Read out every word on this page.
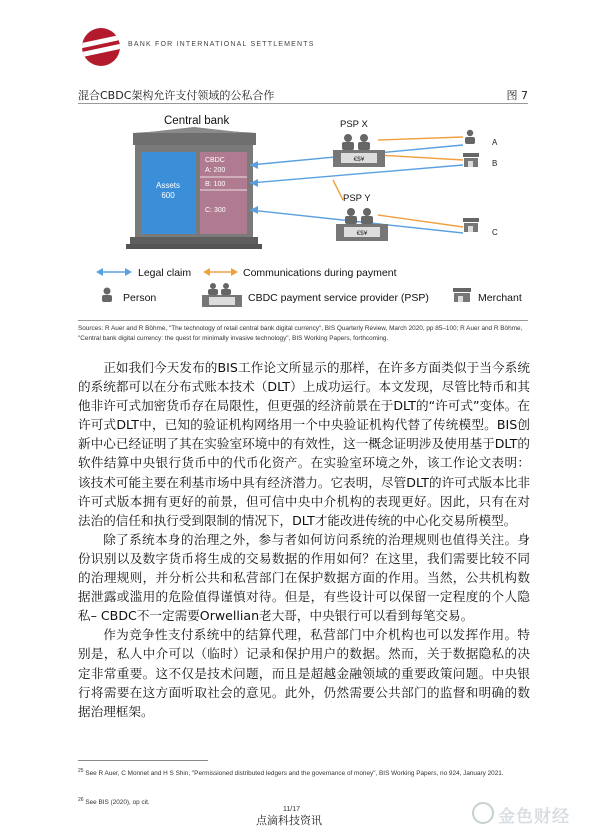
BANK FOR INTERNATIONAL SETTLEMENTS
混合CBDC架构允许支付领域的公私合作	图 7
Central bank
Assets
600
CBDC
A: 200
B: 100
C: 300
PSP X
€$¥
PSP Y
€$¥
A
B
C
Legal claim	Communications during payment
Person	CBDC payment service provider (PSP)	Merchant
Sources: R Auer and R Böhme, "The technology of retail central bank digital currency", BIS Quarterly Review, March 2020, pp 85–100; R Auer and R Böhme, "Central bank digital currency: the quest for minimally invasive technology", BIS Working Papers, forthcoming.

正如我们今天发布的BIS工作论文所显示的那样，在许多方面类似于当今系统的系统都可以在分布式账本技术（DLT）上成功运行。本文发现，尽管比特币和其他非许可式加密货币存在局限性，但更强的经济前景在于DLT的“许可式”变体。在许可式DLT中，已知的验证机构网络用一个中央验证机构代替了传统模型。BIS创新中心已经证明了其在实验室环境中的有效性，这一概念证明涉及使用基于DLT的软件结算中央银行货币中的代币化资产。在实验室环境之外，该工作论文表明：该技术可能主要在利基市场中具有经济潜力。它表明，尽管DLT的许可式版本比非许可式版本拥有更好的前景，但可信中央中介机构的表现更好。因此，只有在对法治的信任和执行受到限制的情况下，DLT才能改进传统的中心化交易所模型。

除了系统本身的治理之外，参与者如何访问系统的治理规则也值得关注。身份识别以及数字货币将生成的交易数据的作用如何？在这里，我们需要比较不同的治理规则，并分析公共和私营部门在保护数据方面的作用。当然，公共机构数据泄露或滥用的危险值得谨慎对待。但是，有些设计可以保留一定程度的个人隐私– CBDC不一定需要Orwellian老大哥，中央银行可以看到每笔交易。

作为竞争性支付系统中的结算代理，私营部门中介机构也可以发挥作用。特别是，私人中介可以（临时）记录和保护用户的数据。然而，关于数据隐私的决定非常重要。这不仅是技术问题，而且是超越金融领域的重要政策问题。中央银行将需要在这方面听取社会的意见。此外，仍然需要公共部门的监督和明确的数据治理框架。

$^{25}$ See R Auer, C Monnet and H S Shin, "Permissioned distributed ledgers and the governance of money", BIS Working Papers, no 924, January 2021.
$^{26}$ See BIS (2020), op cit.
11/17
点滴科技资讯	金色财经
